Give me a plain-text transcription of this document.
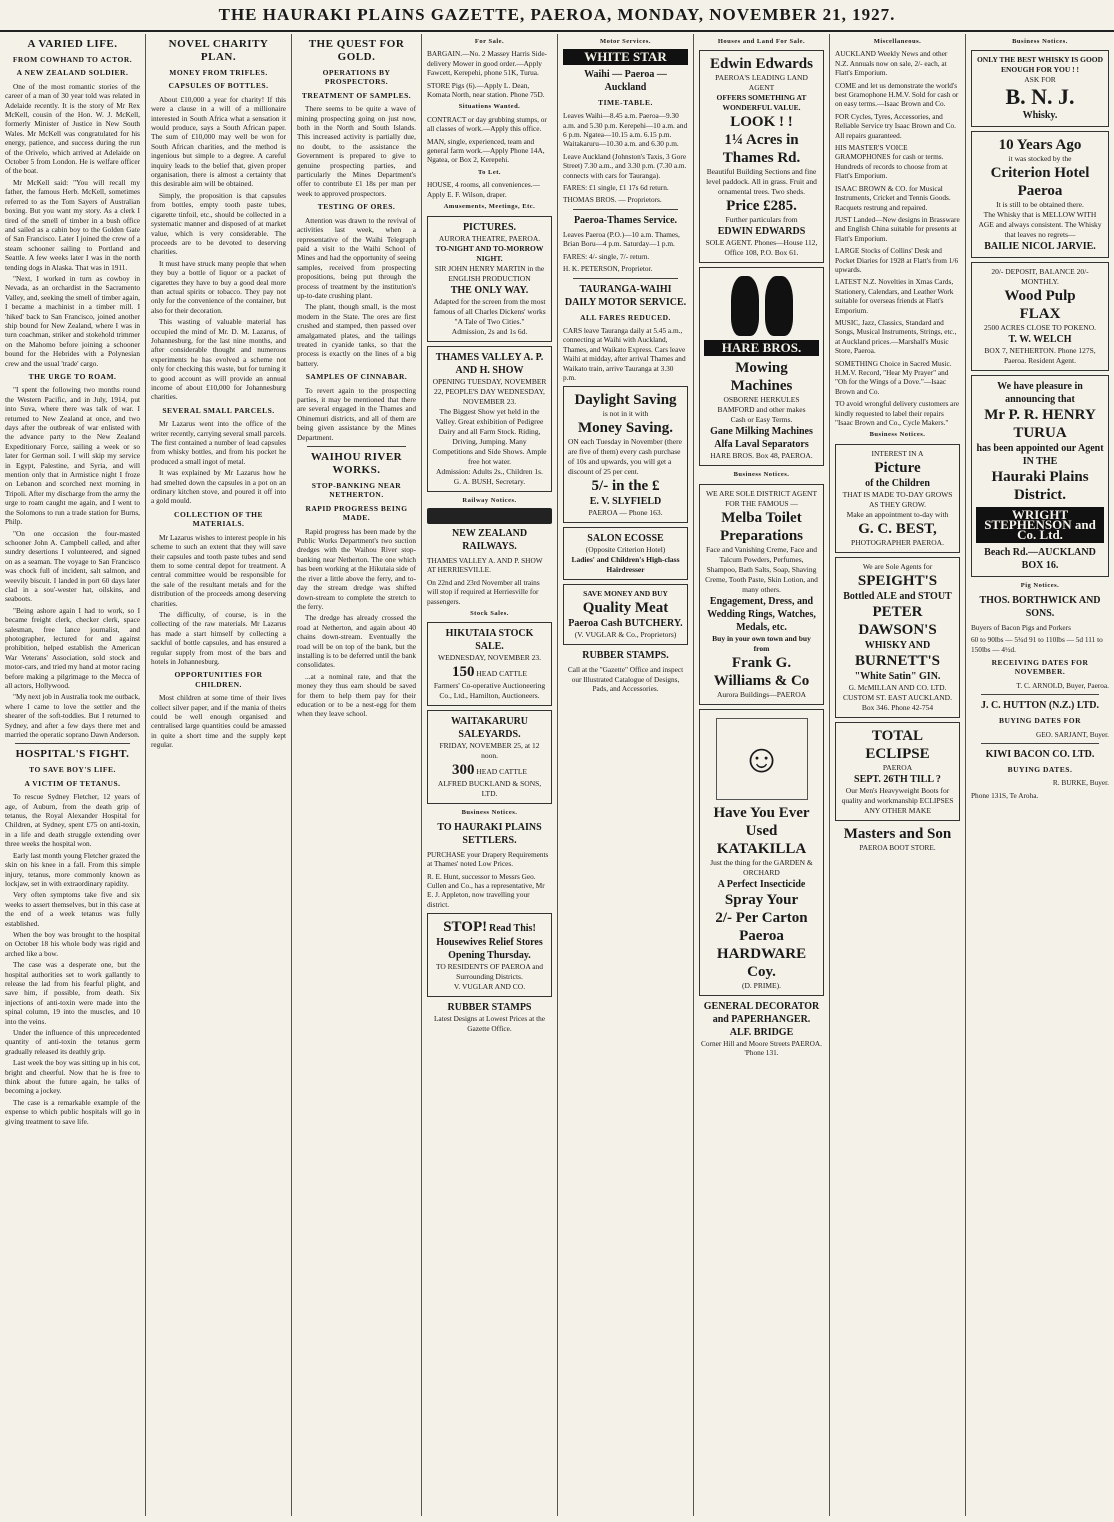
THE HAURAKI PLAINS GAZETTE, PAEROA, MONDAY, NOVEMBER 21, 1927.
A VARIED LIFE.
FROM COWHAND TO ACTOR.
A NEW ZEALAND SOLDIER.

One of the most romantic stories of the career of a man of 30 year told was related in Adelaide recently. It is the story of Mr Rex McKell, cousin of the Hon. W. J. McKell, formerly Minister of Justice in New South Wales. Mr McKell was congratulated for his energy, patience, and success during the run of the Orivelo, which arrived at Adelaide on October 5 from London. He is welfare officer of the boat.

Mr McKell said: "You will recall my father, the famous Herb. McKell, sometimes referred to as the Tom Sayers of Australian boxing. But you want my story. As a clerk I tired of the smell of timber in a bush office and sailed as a cabin boy to the Golden Gate of San Francisco. Later I joined the crew of a steam schooner sailing to Portland and Seattle. A few weeks later I was in the north tending dogs in Alaska. That was in 1911.

"Next, I worked in turn as cowboy in Nevada, as an orchardist in the Sacramento Valley, and, seeking the smell of timber again, I became a machinist in a timber mill. I 'hiked' back to San Francisco, joined another ship bound for New Zealand, where I was in turn coachman, striker and stokehold trimmer on the Mahomo before joining a schooner bound for the Hebrides with a Polynesian crew and the usual 'trade' cargo.

THE URGE TO ROAM.

"I spent the following two months round the Western Pacific, and in July, 1914, put into Suva, where there was talk of war. I returned to New Zealand at once, and two days after the outbreak of war enlisted with the advance party to the New Zealand Expeditionary Force, sailing a week or so later for German soil. I will skip my service in Egypt, Palestine, and Syria, and will mention only that in Armistice night I froze on Lebanon and scorched next morning in Tripoli. After my discharge from the army the urge to roam caught me again, and I went to the Solomons to run a trade station for Burns, Philp.

"On one occasion the four-masted schooner John A. Campbell called, and after sundry desertions I volunteered, and signed on as a seaman. The voyage to San Francisco was chock full of incident, salt salmon, and weevily biscuit. I landed in port 60 days later clad in a sou'-wester hat, oilskins, and seaboots.

"Being ashore again I had to work, so I became freight clerk, checker clerk, space salesman, free lance journalist, and photographer, lectured for and against prohibition, helped establish the American War Veterans' Association, sold stock and motor-cars, and tried my hand at motor racing before making a pilgrimage to the Mecca of all actors, Hollywood.

"My next job in Australia took me outback, where I came to love the settler and the shearer of the soft-toddies. But I returned to Sydney, and after a few days there met and married the operatic soprano Dawn Anderson.

HOSPITAL'S FIGHT.
TO SAVE BOY'S LIFE.
A VICTIM OF TETANUS.

To rescue Sydney Fletcher, 12 years of age, of Auburn, from the death grip of tetanus, the Royal Alexander Hospital for Children, at Sydney, spent £75 on anti-toxin, in a life and death struggle extending over three weeks the hospital won.

Early last month young Fletcher grazed the skin on his knee in a fall. From this simple injury, tetanus, more commonly known as lockjaw, set in with extraordinary rapidity.

Very often symptoms take five and six weeks to assert themselves, but in this case at the end of a week tetanus was fully established.

When the boy was brought to the hospital on October 18 his whole body was rigid and arched like a bow.

The case was a desperate one, but the hospital authorities set to work gallantly to release the lad from his fearful plight, and save him, if possible, from death. Six injections of anti-toxin were made into the spinal column, 19 into the muscles, and 10 into the veins.

Under the influence of this unprecedented quantity of anti-toxin the tetanus germ gradually released its deathly grip.

Last week the boy was sitting up in his cot, bright and cheerful. Now that he is free to think about the future again, he talks of becoming a jockey.

The case is a remarkable example of the expense to which public hospitals will go in giving treatment to save life.

NOVEL CHARITY PLAN.
MONEY FROM TRIFLES.
CAPSULES OF BOTTLES.

About £10,000 a year for charity! If this were a clause in a will of a millionaire interested in South Africa what a sensation it would produce, says a South African paper. The sum of £10,000 may well be won for South African charities, and the method is ingenious but simple to a degree. A careful inquiry leads to the belief that, given proper organisation, there is almost a certainty that this desirable aim will be obtained.

Simply, the proposition is that capsules from bottles, empty tooth paste tubes, cigarette tinfoil, etc., should be collected in a systematic manner and disposed of at market value, which is very considerable. The proceeds are to be devoted to deserving charities.

It must have struck many people that when they buy a bottle of liquor or a packet of cigarettes they have to buy a good deal more than actual spirits or tobacco. They pay not only for the convenience of the container, but also for their decoration.

This wasting of valuable material has occupied the mind of Mr. D. M. Lazarus, of Johannesburg, for the last nine months, and after considerable thought and numerous experiments he has evolved a scheme not only for checking this waste, but for turning it to good account as will provide an annual income of about £10,000 for Johannesburg charities.

SEVERAL SMALL PARCELS.

Mr Lazarus went into the office of the writer recently, carrying several small parcels. The first contained a number of lead capsules from whisky bottles, and from his pocket he produced a small ingot of metal.

It was explained by Mr Lazarus how he had smelted down the capsules in a pot on an ordinary kitchen stove, and poured it off into a gold mould.

COLLECTION OF THE MATERIALS.

Mr Lazarus wishes to interest people in his scheme to such an extent that they will save their capsules and tooth paste tubes and send them to some central depot for treatment. A central committee would be responsible for the sale of the resultant metals and for the distribution of the proceeds among deserving charities.

The difficulty, of course, is in the collecting of the raw materials. Mr Lazarus has made a start himself by collecting a sackful of bottle capsules, and has ensured a regular supply from most of the bars and hotels in Johannesburg.

OPPORTUNITIES FOR CHILDREN.

Most children at some time of their lives collect silver paper, and if the mania of theirs could be well enough organised and centralised large quantities could be amassed in quite a short time and the supply kept regular.

THE QUEST FOR GOLD.
OPERATIONS BY PROSPECTORS.
TREATMENT OF SAMPLES.

There seems to be quite a wave of mining prospecting going on just now, both in the North and South Islands. This increased activity is partially due, no doubt, to the assistance the Government is prepared to give to genuine prospecting parties, and particularly the Mines Department's offer to contribute £1 18s per man per week to approved prospectors.

TESTING OF ORES.

Attention was drawn to the revival of activities last week, when a representative of the Waihi Telegraph paid a visit to the Waihi School of Mines and had the opportunity of seeing samples, received from prospecting propositions, being put through the process of treatment by the institution's up-to-date crushing plant.

The plant, though small, is the most modern in the State. The ores are first crushed and stamped, then passed over amalgamated plates, and the tailings treated in cyanide tanks, so that the process is exactly on the lines of a big battery.

SAMPLES OF CINNABAR.

To revert again to the prospecting parties, it may be mentioned that there are several engaged in the Thames and Ohinemuri districts, and all of them are being given assistance by the Mines Department.

WAIHOU RIVER WORKS.
STOP-BANKING NEAR NETHERTON.
RAPID PROGRESS BEING MADE.

Rapid progress has been made by the Public Works Department's two suction dredges with the Waihou River stop-banking near Netherton. The one which has been working at the Hikutaia side of the river a little above the ferry, and to-day the stream dredge was shifted down-stream to complete the stretch to the ferry.

The dredge has already crossed the road at Netherton, and again about 40 chains down-stream. Eventually the road will be on top of the bank, but the installing is to be deferred until the bank consolidates.

...at a nominal rate, and that the money they thus earn should be saved for them to help them pay for their education or to be a nest-egg for them when they leave school.

For Sale.

BARGAIN.—No. 2 Massey Harris Side-delivery Mower in good order.—Apply Fawcett, Kerepehi, phone 51K, Turua.

STORE Pigs (6).—Apply L. Dean, Komata North, near station. Phone 75D.

Situations Wanted.

CONTRACT or day grubbing stumps, or all classes of work.—Apply this office.

MAN, single, experienced, team and general farm work.—Apply Phone 14A, Ngatea, or Box 2, Kerepehi.

To Let.

HOUSE, 4 rooms, all conveniences.—Apply E. F. Wilson, draper.

Amusements, Meetings, Etc.
PICTURES.
AURORA THEATRE, PAEROA.
TO-NIGHT AND TO-MORROW NIGHT.
SIR JOHN HENRY MARTIN in the ENGLISH PRODUCTION
THE ONLY WAY.
Adapted for the screen from the most famous of all Charles Dickens' works "A Tale of Two Cities."
Admission, 2s and 1s 6d.
THAMES VALLEY A. P. AND H. SHOW
OPENING TUESDAY, NOVEMBER 22, PEOPLE'S DAY WEDNESDAY, NOVEMBER 23.
The Biggest Show yet held in the Valley. Great exhibition of Pedigree Dairy and all Farm Stock. Riding, Driving, Jumping. Many Competitions and Side Shows. Ample free hot water.
Admission: Adults 2s., Children 1s.
G. A. BUSH, Secretary.
Railway Notices.
NEW ZEALAND RAILWAYS.

THAMES VALLEY A. AND P. SHOW AT HERRIESVILLE.

On 22nd and 23rd November all trains will stop if required at Herriesville for passengers.

Stock Sales.
HIKUTAIA STOCK SALE.
WEDNESDAY, NOVEMBER 23.
150 HEAD CATTLE
Farmers' Co-operative Auctioneering Co., Ltd., Hamilton, Auctioneers.
WAITAKARURU SALEYARDS.
FRIDAY, NOVEMBER 25, at 12 noon.
300 HEAD CATTLE
ALFRED BUCKLAND & SONS, LTD.
Business Notices.
TO HAURAKI PLAINS SETTLERS.

PURCHASE your Drapery Requirements at Thames' noted Low Prices.

R. E. Hunt, successor to Messrs Geo. Cullen and Co., has a representative, Mr E. J. Appleton, now travelling your district.

STOP! Read This!
Housewives Relief Stores Opening Thursday.
TO RESIDENTS OF PAEROA and Surrounding Districts.
V. VUGLAR AND CO.
RUBBER STAMPS
Latest Designs at Lowest Prices at the Gazette Office.
Motor Services.
WHITE STAR
Waihi — Paeroa — Auckland
TIME-TABLE.

Leaves Waihi—8.45 a.m. Paeroa—9.30 a.m. and 5.30 p.m. Kerepehi—10 a.m. and 6 p.m. Ngatea—10.15 a.m. 6.15 p.m. Waitakaruru—10.30 a.m. and 6.30 p.m.

Leave Auckland (Johnston's Taxis, 3 Gore Street) 7.30 a.m., and 3.30 p.m. (7.30 a.m. connects with cars for Tauranga).

FARES: £1 single, £1 17s 6d return.

THOMAS BROS. — Proprietors.

Paeroa-Thames Service.

Leaves Paeroa (P.O.)—10 a.m. Thames, Brian Boru—4 p.m. Saturday—1 p.m.

FARES: 4/- single, 7/- return.

H. K. PETERSON, Proprietor.

TAURANGA-WAIHI DAILY MOTOR SERVICE.
ALL FARES REDUCED.

CARS leave Tauranga daily at 5.45 a.m., connecting at Waihi with Auckland, Thames, and Waikato Express. Cars leave Waihi at midday, after arrival Thames and Waikato train, arrive Tauranga at 3.30 p.m.

Daylight Saving
is not in it with
Money Saving.
ON each Tuesday in November (there are five of them) every cash purchase of 10s and upwards, you will get a discount of 25 per cent.
5/- in the £
E. V. SLYFIELD
PAEROA — Phone 163.
SALON ECOSSE
(Opposite Criterion Hotel)
Ladies' and Children's High-class Hairdresser
SAVE MONEY AND BUY
Quality Meat
Paeroa Cash BUTCHERY.
(V. VUGLAR & Co., Proprietors)
RUBBER STAMPS.

Call at the "Gazette" Office and inspect our Illustrated Catalogue of Designs, Pads, and Accessories.

Houses and Land For Sale.
Edwin Edwards
PAEROA'S LEADING LAND AGENT
OFFERS SOMETHING AT WONDERFUL VALUE.
LOOK ! !
1¼ Acres in Thames Rd.
Beautiful Building Sections and fine level paddock. All in grass. Fruit and ornamental trees. Two sheds.
Price £285.
Further particulars from
EDWIN EDWARDS
SOLE AGENT. Phones—House 112, Office 108, P.O. Box 61.
HARE BROS.
Mowing Machines
OSBORNE HERKULES BAMFORD and other makes
Cash or Easy Terms.
Gane Milking Machines Alfa Laval Separators
HARE BROS. Box 48, PAEROA.
Business Notices.
WE ARE SOLE DISTRICT AGENT FOR THE FAMOUS —
Melba Toilet Preparations
Face and Vanishing Creme, Face and Talcum Powders, Perfumes, Shampoo, Bath Salts, Soap, Shaving Creme, Tooth Paste, Skin Lotion, and many others.
Engagement, Dress, and Wedding Rings, Watches, Medals, etc.
Buy in your own town and buy from
Frank G. Williams & Co
Aurora Buildings—PAEROA
☺
Have You Ever Used KATAKILLA
Just the thing for the GARDEN & ORCHARD
A Perfect Insecticide
Spray Your
2/- Per Carton
Paeroa HARDWARE Coy.
(D. PRIME).
GENERAL DECORATOR and PAPERHANGER.
ALF. BRIDGE
Corner Hill and Moore Streets PAEROA. 'Phone 131.
Miscellaneous.

AUCKLAND Weekly News and other N.Z. Annuals now on sale, 2/- each, at Flatt's Emporium.

COME and let us demonstrate the world's best Gramophone H.M.V. Sold for cash or on easy terms.—Isaac Brown and Co.

FOR Cycles, Tyres, Accessories, and Reliable Service try Isaac Brown and Co. All repairs guaranteed.

HIS MASTER'S VOICE GRAMOPHONES for cash or terms. Hundreds of records to choose from at Flatt's Emporium.

ISAAC BROWN & CO. for Musical Instruments, Cricket and Tennis Goods. Racquets restrung and repaired.

JUST Landed—New designs in Brassware and English China suitable for presents at Flatt's Emporium.

LARGE Stocks of Collins' Desk and Pocket Diaries for 1928 at Flatt's from 1/6 upwards.

LATEST N.Z. Novelties in Xmas Cards, Stationery, Calendars, and Leather Work suitable for overseas friends at Flatt's Emporium.

MUSIC, Jazz, Classics, Standard and Songs, Musical Instruments, Strings, etc., at Auckland prices.—Marshall's Music Store, Paeroa.

SOMETHING Choice in Sacred Music. H.M.V. Record, "Hear My Prayer" and "Oh for the Wings of a Dove."—Isaac Brown and Co.

TO avoid wrongful delivery customers are kindly requested to label their repairs "Isaac Brown and Co., Cycle Makers."

Business Notices.
INTEREST IN A
Picture
of the Children
THAT IS MADE TO-DAY GROWS AS THEY GROW.
Make an appointment to-day with
G. C. BEST,
PHOTOGRAPHER PAEROA.
We are Sole Agents for
SPEIGHT'S
Bottled ALE and STOUT
PETER DAWSON'S
WHISKY AND
BURNETT'S
"White Satin" GIN.
G. McMILLAN AND CO. LTD.
CUSTOM ST. EAST AUCKLAND.
Box 346. Phone 42-754
TOTAL ECLIPSE
PAEROA
SEPT. 26TH TILL ?
Our Men's Heavyweight Boots for quality and workmanship ECLIPSES ANY OTHER MAKE
Masters and Son
PAEROA BOOT STORE.
Business Notices.
ONLY THE BEST WHISKY IS GOOD ENOUGH FOR YOU ! !
ASK FOR
B. N. J.
Whisky.
10 Years Ago
it was stocked by the
Criterion Hotel Paeroa
It is still to be obtained there.
The Whisky that is MELLOW WITH AGE and always consistent. The Whisky that leaves no regrets—
BAILIE NICOL JARVIE.
20/- DEPOSIT, BALANCE 20/- MONTHLY.
Wood Pulp
FLAX
2500 ACRES CLOSE TO POKENO.
T. W. WELCH
BOX 7, NETHERTON. Phone 127S, Paeroa. Resident Agent.
We have pleasure in announcing that
Mr P. R. HENRY TURUA
has been appointed our Agent IN THE
Hauraki Plains District.
WRIGHT STEPHENSON and Co. Ltd.
Beach Rd.—AUCKLAND BOX 16.
Pig Notices.
THOS. BORTHWICK AND SONS.

Buyers of Bacon Pigs and Porkers

60 to 90lbs — 5¾d 91 to 110lbs — 5d 111 to 150lbs — 4½d.

RECEIVING DATES FOR NOVEMBER.

T. C. ARNOLD, Buyer, Paeroa.

J. C. HUTTON (N.Z.) LTD.
BUYING DATES FOR

GEO. SARJANT, Buyer.

KIWI BACON CO. LTD.
BUYING DATES.

R. BURKE, Buyer.

Phone 131S, Te Aroha.
